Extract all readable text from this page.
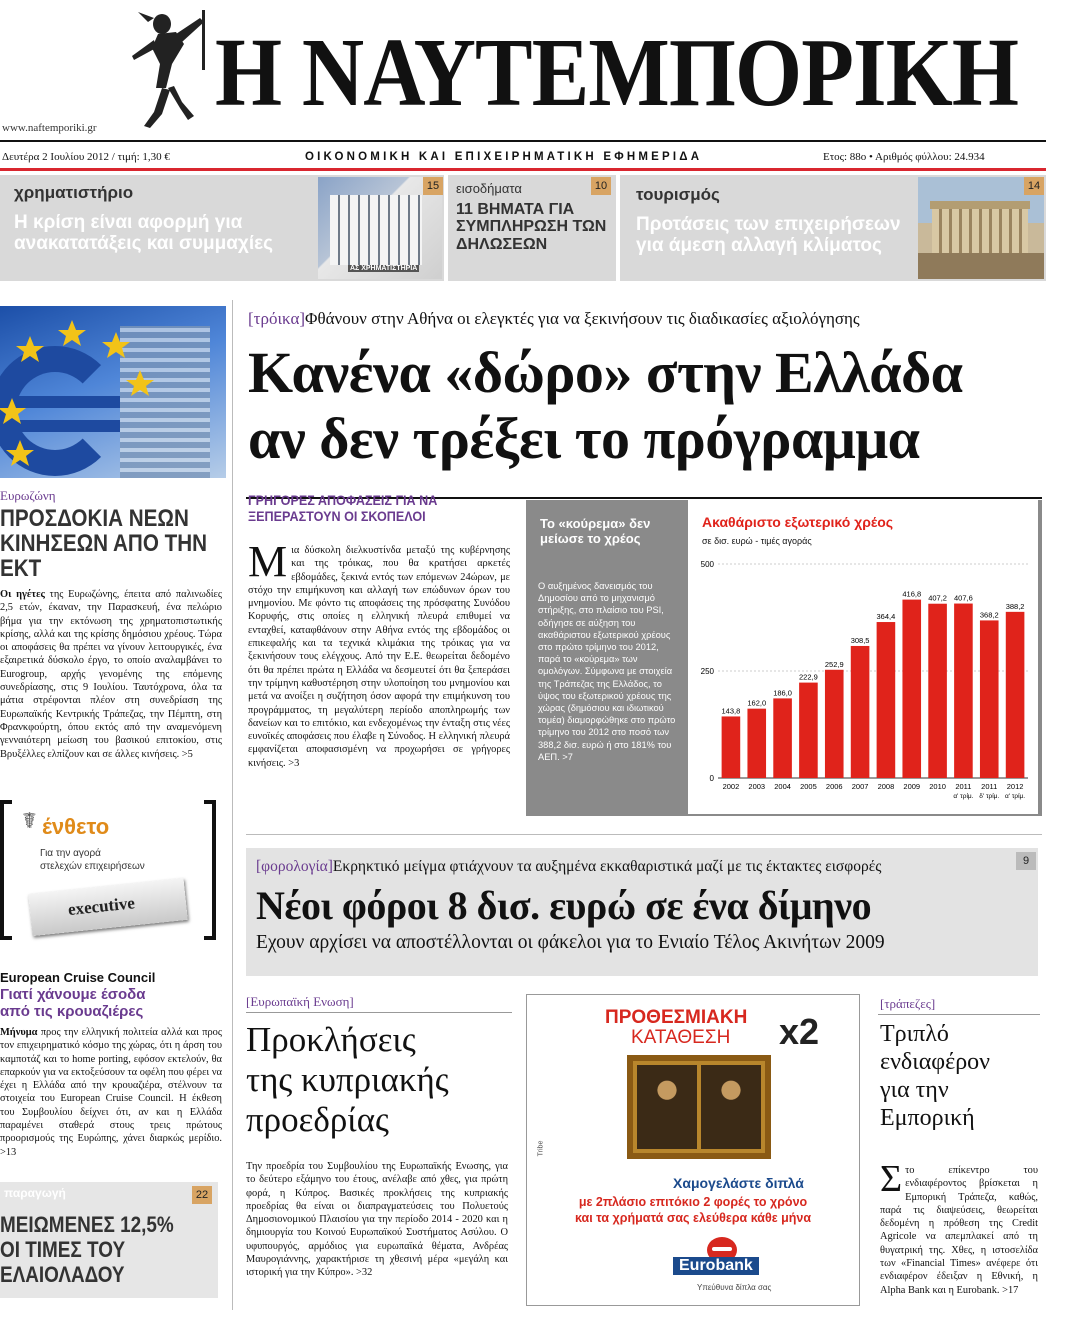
Η ΝΑΥΤΕΜΠΟΡΙΚΗ
www.naftemporiki.gr
Δευτέρα 2 Ιουλίου 2012 / τιμή: 1,30 €	ΟΙΚΟΝΟΜΙΚΗ ΚΑΙ ΕΠΙΧΕΙΡΗΜΑΤΙΚΗ ΕΦΗΜΕΡΙΔΑ	Ετος: 88ο • Αριθμός φύλλου: 24.934
χρηματιστήριο
Η κρίση είναι αφορμή για ανακατατάξεις και συμμαχίες
ΑΣ ΧΡΗΜΑΤΙΣΤΗΡΙΑ
15 εισοδήματα
11 ΒΗΜΑΤΑ ΓΙΑ ΣΥΜΠΛΗΡΩΣΗ ΤΩΝ ΔΗΛΩΣΕΩΝ
10 τουρισμός
Προτάσεις των επιχειρήσεων για άμεση αλλαγή κλίματος
14
Ευρωζώνη
ΠΡΟΣΔΟΚΙΑ ΝΕΩΝ ΚΙΝΗΣΕΩΝ ΑΠΟ ΤΗΝ ΕΚΤ

Οι ηγέτες της Ευρωζώνης, έπειτα από παλινωδίες 2,5 ετών, έκαναν, την Παρασκευή, ένα πελώριο βήμα για την εκτόνωση της χρηματοπιστωτικής κρίσης, αλλά και της κρίσης δημόσιου χρέους. Τώρα οι αποφάσεις θα πρέπει να γίνουν λειτουργικές, ένα εξαιρετικά δύσκολο έργο, το οποίο αναλαμβάνει το Eurogroup, αρχής γενομένης της επόμενης συνεδρίασης, στις 9 Ιουλίου. Ταυτόχρονα, όλα τα μάτια στρέφονται πλέον στη συνεδρίαση της Ευρωπαϊκής Κεντρικής Τράπεζας, την Πέμπτη, στη Φρανκφούρτη, όπου εκτός από την αναμενόμενη γενναιότερη μείωση του βασικού επιτοκίου, στις Βρυξέλλες ελπίζουν και σε άλλες κινήσεις. >5

☤ ένθετο
Για την αγορά
στελεχών επιχειρήσεων
executive
European Cruise Council
Γιατί χάνουμε έσοδα από τις κρουαζιέρες

Μήνυμα προς την ελληνική πολιτεία αλλά και προς τον επιχειρηματικό κόσμο της χώρας, ότι η άρση του καμποτάζ και το home porting, εφόσον εκτελούν, θα επαρκούν για να εκτοξεύσουν τα οφέλη που φέρει να έχει η Ελλάδα από την κρουαζιέρα, στέλνουν τα στοιχεία του European Cruise Council. Η έκθεση του Συμβουλίου δείχνει ότι, αν και η Ελλάδα παραμένει σταθερά στους τρεις πρώτους προορισμούς της Ευρώπης, χάνει διαρκώς μερίδιο. >13

παραγωγή	22
ΜΕΙΩΜΕΝΕΣ 12,5% ΟΙ ΤΙΜΕΣ ΤΟΥ ΕΛΑΙΟΛΑΔΟΥ
[τρόικα]Φθάνουν στην Αθήνα οι ελεγκτές για να ξεκινήσουν τις διαδικασίες αξιολόγησης
Κανένα «δώρο» στην Ελλάδα
αν δεν τρέξει το πρόγραμμα
ΓΡΗΓΟΡΕΣ ΑΠΟΦΑΣΕΙΣ ΓΙΑ ΝΑ ΞΕΠΕΡΑΣΤΟΥΝ ΟΙ ΣΚΟΠΕΛΟΙ

Μια δύσκολη διελκυστίνδα μεταξύ της κυβέρνησης και της τρόικας, που θα κρατήσει αρκετές εβδομάδες, ξεκινά εντός των επόμενων 24ώρων, με στόχο την επιμήκυνση και αλλαγή των επώδυνων όρων του μνημονίου. Με φόντο τις αποφάσεις της πρόσφατης Συνόδου Κορυφής, στις οποίες η ελληνική πλευρά επιθυμεί να ενταχθεί, καταφθάνουν στην Αθήνα εντός της εβδομάδος οι επικεφαλής και τα τεχνικά κλιμάκια της τρόικας για να ξεκινήσουν τους ελέγχους. Από την Ε.Ε. θεωρείται δεδομένο ότι θα πρέπει πρώτα η Ελλάδα να δεσμευτεί ότι θα ξεπεράσει την τρίμηνη καθυστέρηση στην υλοποίηση του μνημονίου και μετά να ανοίξει η συζήτηση όσον αφορά την επιμήκυνση του προγράμματος, τη μεγαλύτερη περίοδο αποπληρωμής των δανείων και το επιτόκιο, και ενδεχομένως την ένταξη στις νέες ευνοϊκές αποφάσεις που έλαβε η Σύνοδος. Η ελληνική πλευρά εμφανίζεται αποφασισμένη να προχωρήσει σε γρήγορες κινήσεις. >3

Το «κούρεμα» δεν μείωσε το χρέος

Ο αυξημένος δανεισμός του Δημοσίου από το μηχανισμό στήριξης, στο πλαίσιο του PSI, οδήγησε σε αύξηση του ακαθάριστου εξωτερικού χρέους στο πρώτο τρίμηνο του 2012, παρά το «κούρεμα» των ομολόγων. Σύμφωνα με στοιχεία της Τράπεζας της Ελλάδος, το ύψος του εξωτερικού χρέους της χώρας (δημόσιου και ιδιωτικού τομέα) διαμορφώθηκε στο πρώτο τρίμηνο του 2012 στο ποσό των 388,2 δισ. ευρώ ή στο 181% του ΑΕΠ. >7

Ακαθάριστο εξωτερικό χρέος
σε δισ. ευρώ - τιμές αγοράς
0
250
500
143,8
2002
162,0
2003
186,0
2004
222,9
2005
252,9
2006
308,5
2007
364,4
2008
416,8
2009
407,2
2010
407,6
2011
α' τρίμ.
368,2
2011
δ' τρίμ.
388,2
2012
α' τρίμ.
[φορολογία]Εκρηκτικό μείγμα φτιάχνουν τα αυξημένα εκκαθαριστικά μαζί με τις έκτακτες εισφορές	9
Νέοι φόροι 8 δισ. ευρώ σε ένα δίμηνο
Εχουν αρχίσει να αποστέλλονται οι φάκελοι για το Ενιαίο Τέλος Ακινήτων 2009
[Ευρωπαϊκή Ενωση]
Προκλήσεις
της κυπριακής
προεδρίας

Την προεδρία του Συμβουλίου της Ευρωπαϊκής Ενωσης, για το δεύτερο εξάμηνο του έτους, ανέλαβε από χθες, για πρώτη φορά, η Κύπρος. Βασικές προκλήσεις της κυπριακής προεδρίας θα είναι οι διαπραγματεύσεις του Πολυετούς Δημοσιονομικού Πλαισίου για την περίοδο 2014 - 2020 και η δημιουργία του Κοινού Ευρωπαϊκού Συστήματος Ασύλου. Ο υφυπουργός, αρμόδιος για ευρωπαϊκά θέματα, Ανδρέας Μαυρογιάννης, χαρακτήρισε τη χθεσινή μέρα «μεγάλη και ιστορική για την Κύπρο». >32

ΠΡΟΘΕΣΜΙΑΚΗ
ΚΑΤΑΘΕΣΗ x2
Tribe
Χαμογελάστε διπλά
με 2πλάσιο επιτόκιο 2 φορές το χρόνο
και τα χρήματά σας ελεύθερα κάθε μήνα
Eurobank
Υπεύθυνα δίπλα σας
[τράπεζες]
Τριπλό
ενδιαφέρον
για την
Εμπορική

Στο επίκεντρο του ενδιαφέροντος βρίσκεται η Εμπορική Τράπεζα, καθώς, παρά τις διαψεύσεις, θεωρείται δεδομένη η πρόθεση της Credit Agricole να απεμπλακεί από τη θυγατρική της. Χθες, η ιστοσελίδα των «Financial Times» ανέφερε ότι ενδιαφέρον έδειξαν η Εθνική, η Alpha Bank και η Eurobank. >17
